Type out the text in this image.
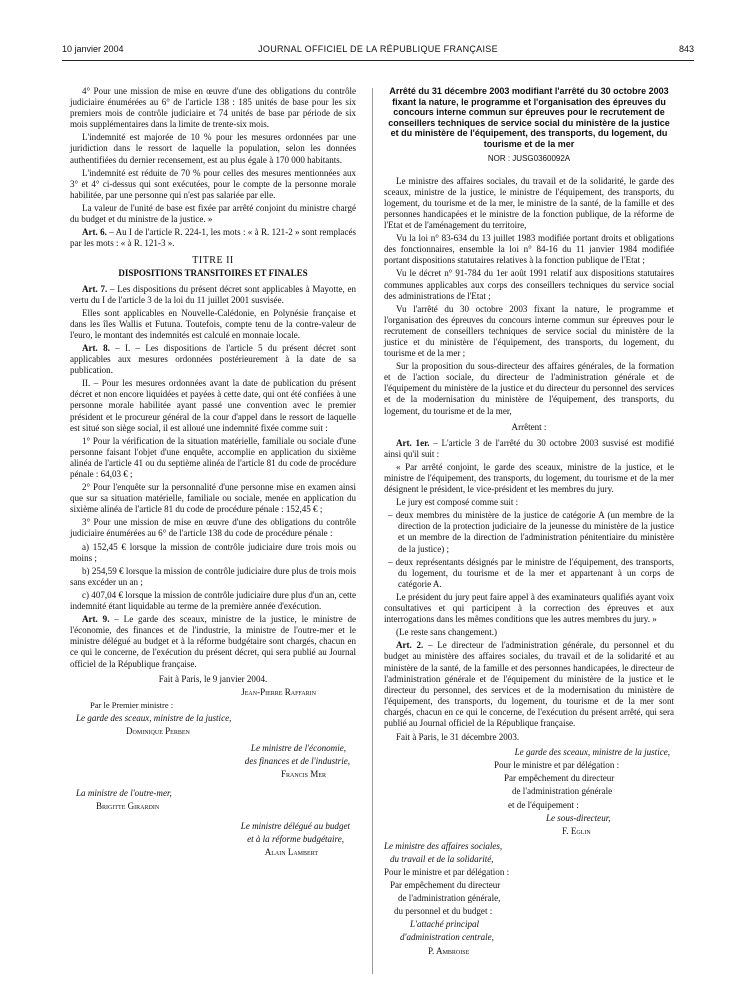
10 janvier 2004	JOURNAL OFFICIEL DE LA RÉPUBLIQUE FRANÇAISE	843

4° Pour une mission de mise en œuvre d'une des obligations du contrôle judiciaire énumérées au 6° de l'article 138 : 185 unités de base pour les six premiers mois de contrôle judiciaire et 74 unités de base par période de six mois supplémentaires dans la limite de trente-six mois.

L'indemnité est majorée de 10 % pour les mesures ordonnées par une juridiction dans le ressort de laquelle la population, selon les données authentifiées du dernier recensement, est au plus égale à 170 000 habitants.

L'indemnité est réduite de 70 % pour celles des mesures mentionnées aux 3° et 4° ci-dessus qui sont exécutées, pour le compte de la personne morale habilitée, par une personne qui n'est pas salariée par elle.

La valeur de l'unité de base est fixée par arrêté conjoint du ministre chargé du budget et du ministre de la justice. »

Art. 6. – Au I de l'article R. 224-1, les mots : « à R. 121-2 » sont remplacés par les mots : « à R. 121-3 ».

TITRE II

DISPOSITIONS TRANSITOIRES ET FINALES

Art. 7. – Les dispositions du présent décret sont applicables à Mayotte, en vertu du I de l'article 3 de la loi du 11 juillet 2001 susvisée.

Elles sont applicables en Nouvelle-Calédonie, en Polynésie française et dans les îles Wallis et Futuna. Toutefois, compte tenu de la contre-valeur de l'euro, le montant des indemnités est calculé en monnaie locale.

Art. 8. – I. – Les dispositions de l'article 5 du présent décret sont applicables aux mesures ordonnées postérieurement à la date de sa publication.

II. – Pour les mesures ordonnées avant la date de publication du présent décret et non encore liquidées et payées à cette date, qui ont été confiées à une personne morale habilitée ayant passé une convention avec le premier président et le procureur général de la cour d'appel dans le ressort de laquelle est situé son siège social, il est alloué une indemnité fixée comme suit :

1° Pour la vérification de la situation matérielle, familiale ou sociale d'une personne faisant l'objet d'une enquête, accomplie en application du sixième alinéa de l'article 41 ou du septième alinéa de l'article 81 du code de procédure pénale : 64,03 € ;

2° Pour l'enquête sur la personnalité d'une personne mise en examen ainsi que sur sa situation matérielle, familiale ou sociale, menée en application du sixième alinéa de l'article 81 du code de procédure pénale : 152,45 € ;

3° Pour une mission de mise en œuvre d'une des obligations du contrôle judiciaire énumérées au 6° de l'article 138 du code de procédure pénale :

a) 152,45 € lorsque la mission de contrôle judiciaire dure trois mois ou moins ;

b) 254,59 € lorsque la mission de contrôle judiciaire dure plus de trois mois sans excéder un an ;

c) 407,04 € lorsque la mission de contrôle judiciaire dure plus d'un an, cette indemnité étant liquidable au terme de la première année d'exécution.

Art. 9. – Le garde des sceaux, ministre de la justice, le ministre de l'économie, des finances et de l'industrie, la ministre de l'outre-mer et le ministre délégué au budget et à la réforme budgétaire sont chargés, chacun en ce qui le concerne, de l'exécution du présent décret, qui sera publié au Journal officiel de la République française.

Fait à Paris, le 9 janvier 2004.

Jean-Pierre Raffarin

Par le Premier ministre :

Le garde des sceaux, ministre de la justice,

Dominique Perben

Le ministre de l'économie,

des finances et de l'industrie,

Francis Mer

La ministre de l'outre-mer,

Brigitte Girardin

Le ministre délégué au budget

et à la réforme budgétaire,

Alain Lambert

Arrêté du 31 décembre 2003 modifiant l'arrêté du 30 octobre 2003 fixant la nature, le programme et l'organisation des épreuves du concours interne commun sur épreuves pour le recrutement de conseillers techniques de service social du ministère de la justice et du ministère de l'équipement, des transports, du logement, du tourisme et de la mer

NOR : JUSG0360092A

Le ministre des affaires sociales, du travail et de la solidarité, le garde des sceaux, ministre de la justice, le ministre de l'équipement, des transports, du logement, du tourisme et de la mer, le ministre de la santé, de la famille et des personnes handicapées et le ministre de la fonction publique, de la réforme de l'Etat et de l'aménagement du territoire,

Vu la loi n° 83-634 du 13 juillet 1983 modifiée portant droits et obligations des fonctionnaires, ensemble la loi n° 84-16 du 11 janvier 1984 modifiée portant dispositions statutaires relatives à la fonction publique de l'Etat ;

Vu le décret n° 91-784 du 1er août 1991 relatif aux dispositions statutaires communes applicables aux corps des conseillers techniques du service social des administrations de l'Etat ;

Vu l'arrêté du 30 octobre 2003 fixant la nature, le programme et l'organisation des épreuves du concours interne commun sur épreuves pour le recrutement de conseillers techniques de service social du ministère de la justice et du ministère de l'équipement, des transports, du logement, du tourisme et de la mer ;

Sur la proposition du sous-directeur des affaires générales, de la formation et de l'action sociale, du directeur de l'administration générale et de l'équipement du ministère de la justice et du directeur du personnel des services et de la modernisation du ministère de l'équipement, des transports, du logement, du tourisme et de la mer,

Arrêtent :

Art. 1er. – L'article 3 de l'arrêté du 30 octobre 2003 susvisé est modifié ainsi qu'il suit :

« Par arrêté conjoint, le garde des sceaux, ministre de la justice, et le ministre de l'équipement, des transports, du logement, du tourisme et de la mer désignent le président, le vice-président et les membres du jury.

Le jury est composé comme suit :

– deux membres du ministère de la justice de catégorie A (un membre de la direction de la protection judiciaire de la jeunesse du ministère de la justice et un membre de la direction de l'administration pénitentiaire du ministère de la justice) ;

– deux représentants désignés par le ministre de l'équipement, des transports, du logement, du tourisme et de la mer et appartenant à un corps de catégorie A.

Le président du jury peut faire appel à des examinateurs qualifiés ayant voix consultatives et qui participent à la correction des épreuves et aux interrogations dans les mêmes conditions que les autres membres du jury. »

(Le reste sans changement.)

Art. 2. – Le directeur de l'administration générale, du personnel et du budget au ministère des affaires sociales, du travail et de la solidarité et au ministère de la santé, de la famille et des personnes handicapées, le directeur de l'administration générale et de l'équipement du ministère de la justice et le directeur du personnel, des services et de la modernisation du ministère de l'équipement, des transports, du logement, du tourisme et de la mer sont chargés, chacun en ce qui le concerne, de l'exécution du présent arrêté, qui sera publié au Journal officiel de la République française.

Fait à Paris, le 31 décembre 2003.

Le garde des sceaux, ministre de la justice,

Pour le ministre et par délégation :

Par empêchement du directeur

de l'administration générale

et de l'équipement :

Le sous-directeur,

F. Eglin

Le ministre des affaires sociales,

du travail et de la solidarité,

Pour le ministre et par délégation :

Par empêchement du directeur

de l'administration générale,

du personnel et du budget :

L'attaché principal

d'administration centrale,

P. Ambroise
